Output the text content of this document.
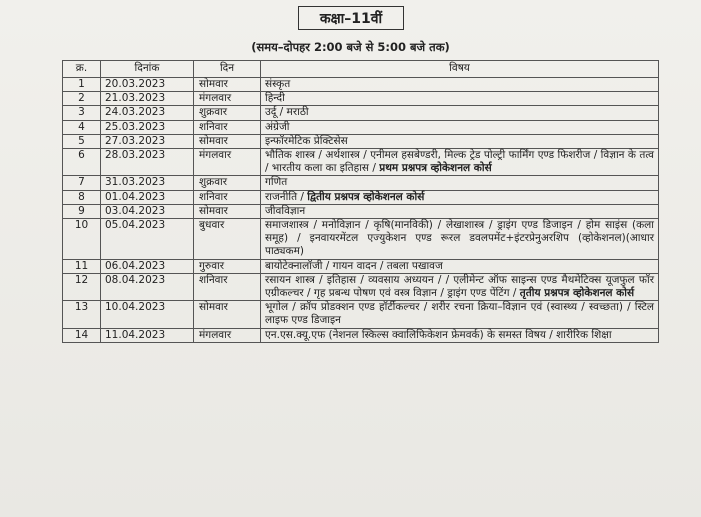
कक्षा–11वीं
(समय–दोपहर 2:00 बजे से 5:00 बजे तक)
क्र.	दिनांक	दिन	विषय
1	20.03.2023	सोमवार	संस्कृत
2	21.03.2023	मंगलवार	हिन्दी
3	24.03.2023	शुक्रवार	उर्दू / मराठी
4	25.03.2023	शनिवार	अंग्रेजी
5	27.03.2023	सोमवार	इन्फॉरमेटिक प्रेक्टिसेस
6	28.03.2023	मंगलवार	भौतिक शास्त्र / अर्थशास्त्र / एनीमल हसबेण्डरी, मिल्क ट्रेड पोल्ट्री फार्मिंग एण्ड फिशरीज / विज्ञान के तत्व / भारतीय कला का इतिहास / प्रथम प्रश्नपत्र व्होकेशनल कोर्स
7	31.03.2023	शुक्रवार	गणित
8	01.04.2023	शनिवार	राजनीति / द्वितीय प्रश्नपत्र व्होकेशनल कोर्स
9	03.04.2023	सोमवार	जीवविज्ञान
10	05.04.2023	बुधवार	समाजशास्त्र / मनोविज्ञान / कृषि(मानविकी) / लेखाशास्त्र / ड्राइंग एण्ड डिजाइन / होम साइंस (कला समूह) / इनवायरमेंटल एज्युकेशन एण्ड रूरल डवलपमेंट+इंटरप्रेनुअरशिप (व्होकेशनल)(आधार पाठ्यकम)
11	06.04.2023	गुरुवार	बायोटेक्नालॉजी / गायन वादन / तबला पखावज
12	08.04.2023	शनिवार	रसायन शास्त्र / इतिहास / व्यवसाय अध्ययन / / एलीमेन्ट ऑफ साइन्स एण्ड मैथमेटिक्स यूजफुल फॉर एग्रीकल्चर / गृह प्रबन्ध पोषण एवं वस्त्र विज्ञान / ड्राइंग एण्ड पेंटिंग / तृतीय प्रश्नपत्र व्होकेशनल कोर्स
13	10.04.2023	सोमवार	भूगोल / क्रॉप प्रोडक्शन एण्ड हॉर्टीकल्चर / शरीर रचना क्रिया–विज्ञान एवं (स्वास्थ्य / स्वच्छता) / स्टिल लाइफ एण्ड डिजाइन
14	11.04.2023	मंगलवार	एन.एस.क्यू.एफ (नेशनल स्किल्स क्वालिफिकेशन फ्रेमवर्क) के समस्त विषय / शारीरिक शिक्षा
